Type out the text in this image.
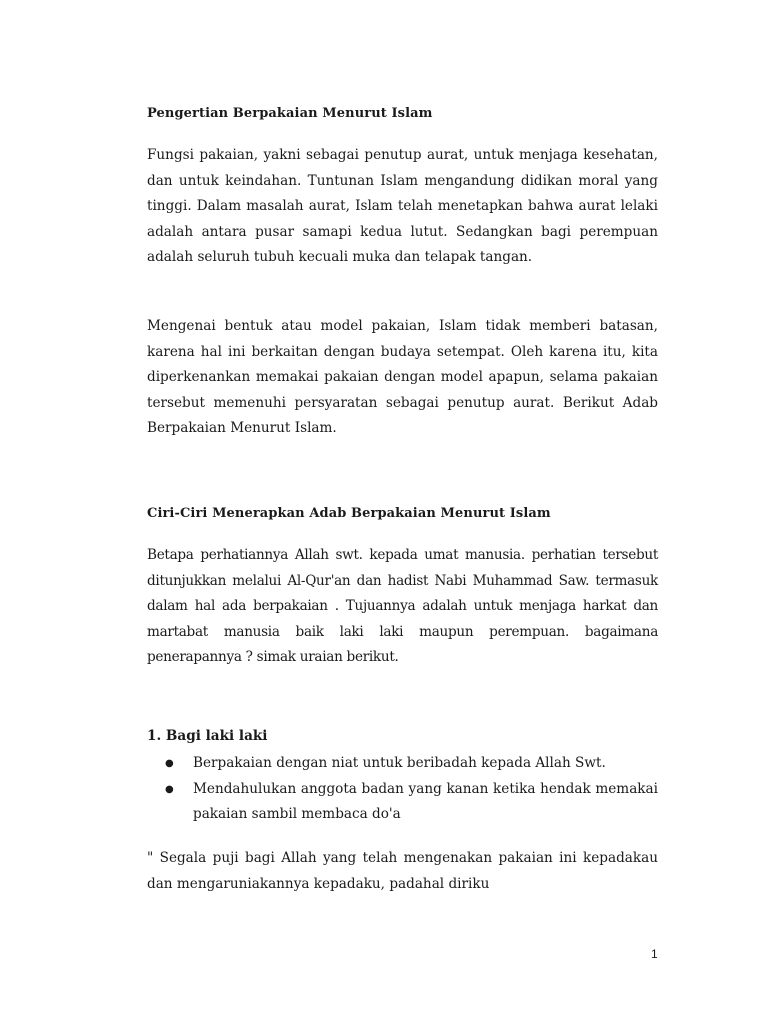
Pengertian Berpakaian Menurut Islam

Fungsi pakaian, yakni sebagai penutup aurat, untuk menjaga kesehatan, dan untuk keindahan. Tuntunan Islam mengandung didikan moral yang tinggi. Dalam masalah aurat, Islam telah menetapkan bahwa aurat lelaki adalah antara pusar samapi kedua lutut. Sedangkan bagi perempuan adalah seluruh tubuh kecuali muka dan telapak tangan.

Mengenai bentuk atau model pakaian, Islam tidak memberi batasan, karena hal ini berkaitan dengan budaya setempat. Oleh karena itu, kita diperkenankan memakai pakaian dengan model apapun, selama pakaian tersebut memenuhi persyaratan sebagai penutup aurat. Berikut Adab Berpakaian Menurut Islam.

Ciri-Ciri Menerapkan Adab Berpakaian Menurut Islam

Betapa perhatiannya Allah swt. kepada umat manusia. perhatian tersebut ditunjukkan melalui Al-Qur'an dan hadist Nabi Muhammad Saw. termasuk dalam hal ada berpakaian . Tujuannya adalah untuk menjaga harkat dan martabat manusia baik laki laki maupun perempuan. bagaimana penerapannya ? simak uraian berikut.

1. Bagi laki laki
● Berpakaian dengan niat untuk beribadah kepada Allah Swt.
● Mendahulukan anggota badan yang kanan ketika hendak memakai pakaian sambil membaca do'a

" Segala puji bagi Allah yang telah mengenakan pakaian ini kepadakau dan mengaruniakannya kepadaku, padahal diriku

1
